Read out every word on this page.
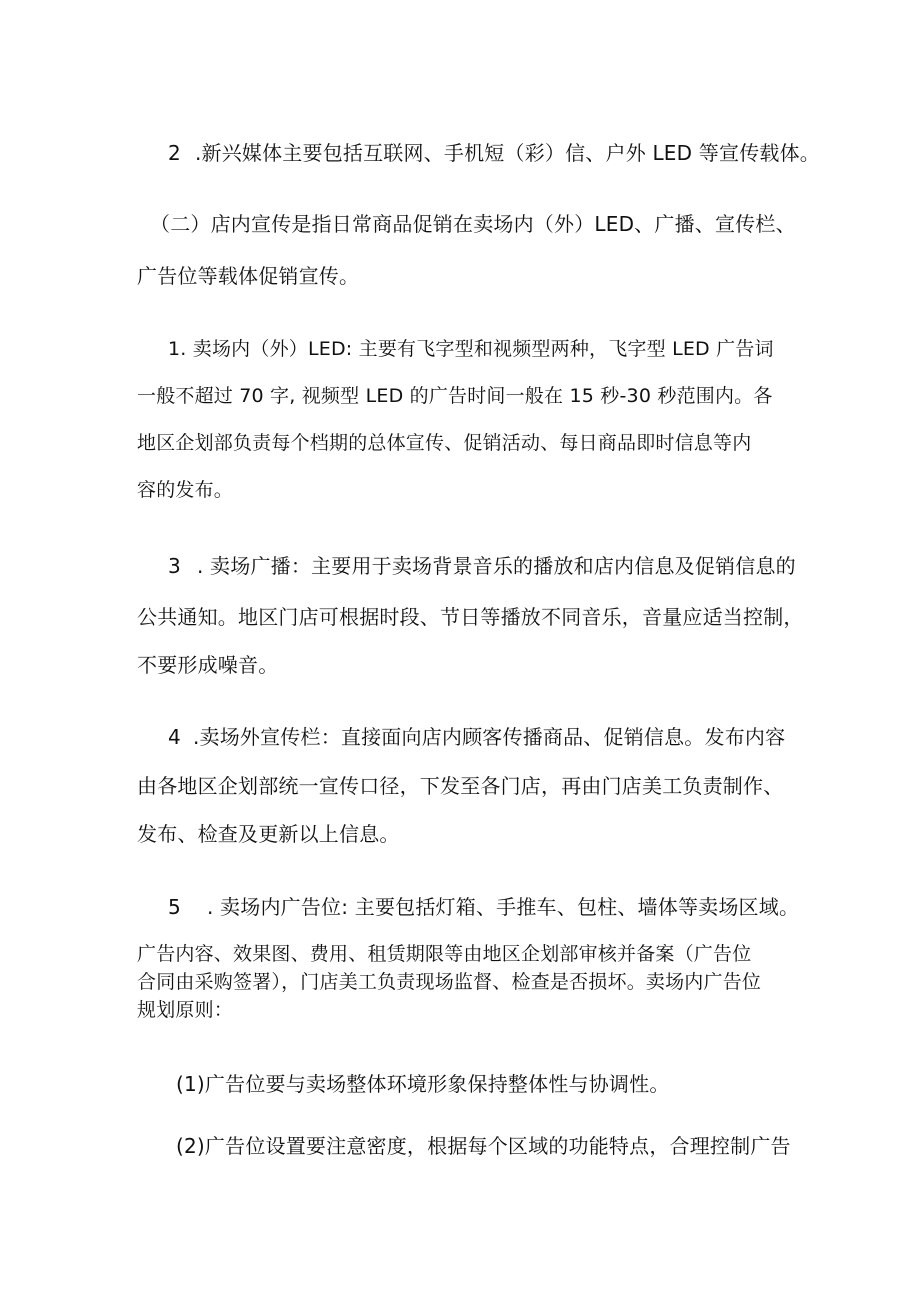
2 .新兴媒体主要包括互联网、手机短（彩）信、户外 LED 等宣传载体。
（二）店内宣传是指日常商品促销在卖场内（外）LED、广播、宣传栏、
广告位等载体促销宣传。
1. 卖场内（外）LED: 主要有飞字型和视频型两种，飞字型 LED 广告词
一般不超过 70 字, 视频型 LED 的广告时间一般在 15 秒-30 秒范围内。各
地区企划部负责每个档期的总体宣传、促销活动、每日商品即时信息等内
容的发布。
3 . 卖场广播：主要用于卖场背景音乐的播放和店内信息及促销信息的
公共通知。地区门店可根据时段、节日等播放不同音乐，音量应适当控制，
不要形成噪音。
4 .卖场外宣传栏：直接面向店内顾客传播商品、促销信息。发布内容
由各地区企划部统一宣传口径，下发至各门店，再由门店美工负责制作、
发布、检查及更新以上信息。
5 . 卖场内广告位: 主要包括灯箱、手推车、包柱、墙体等卖场区域。
广告内容、效果图、费用、租赁期限等由地区企划部审核并备案（广告位
合同由采购签署），门店美工负责现场监督、检查是否损坏。卖场内广告位
规划原则：
(1)广告位要与卖场整体环境形象保持整体性与协调性。
(2)广告位设置要注意密度，根据每个区域的功能特点，合理控制广告
